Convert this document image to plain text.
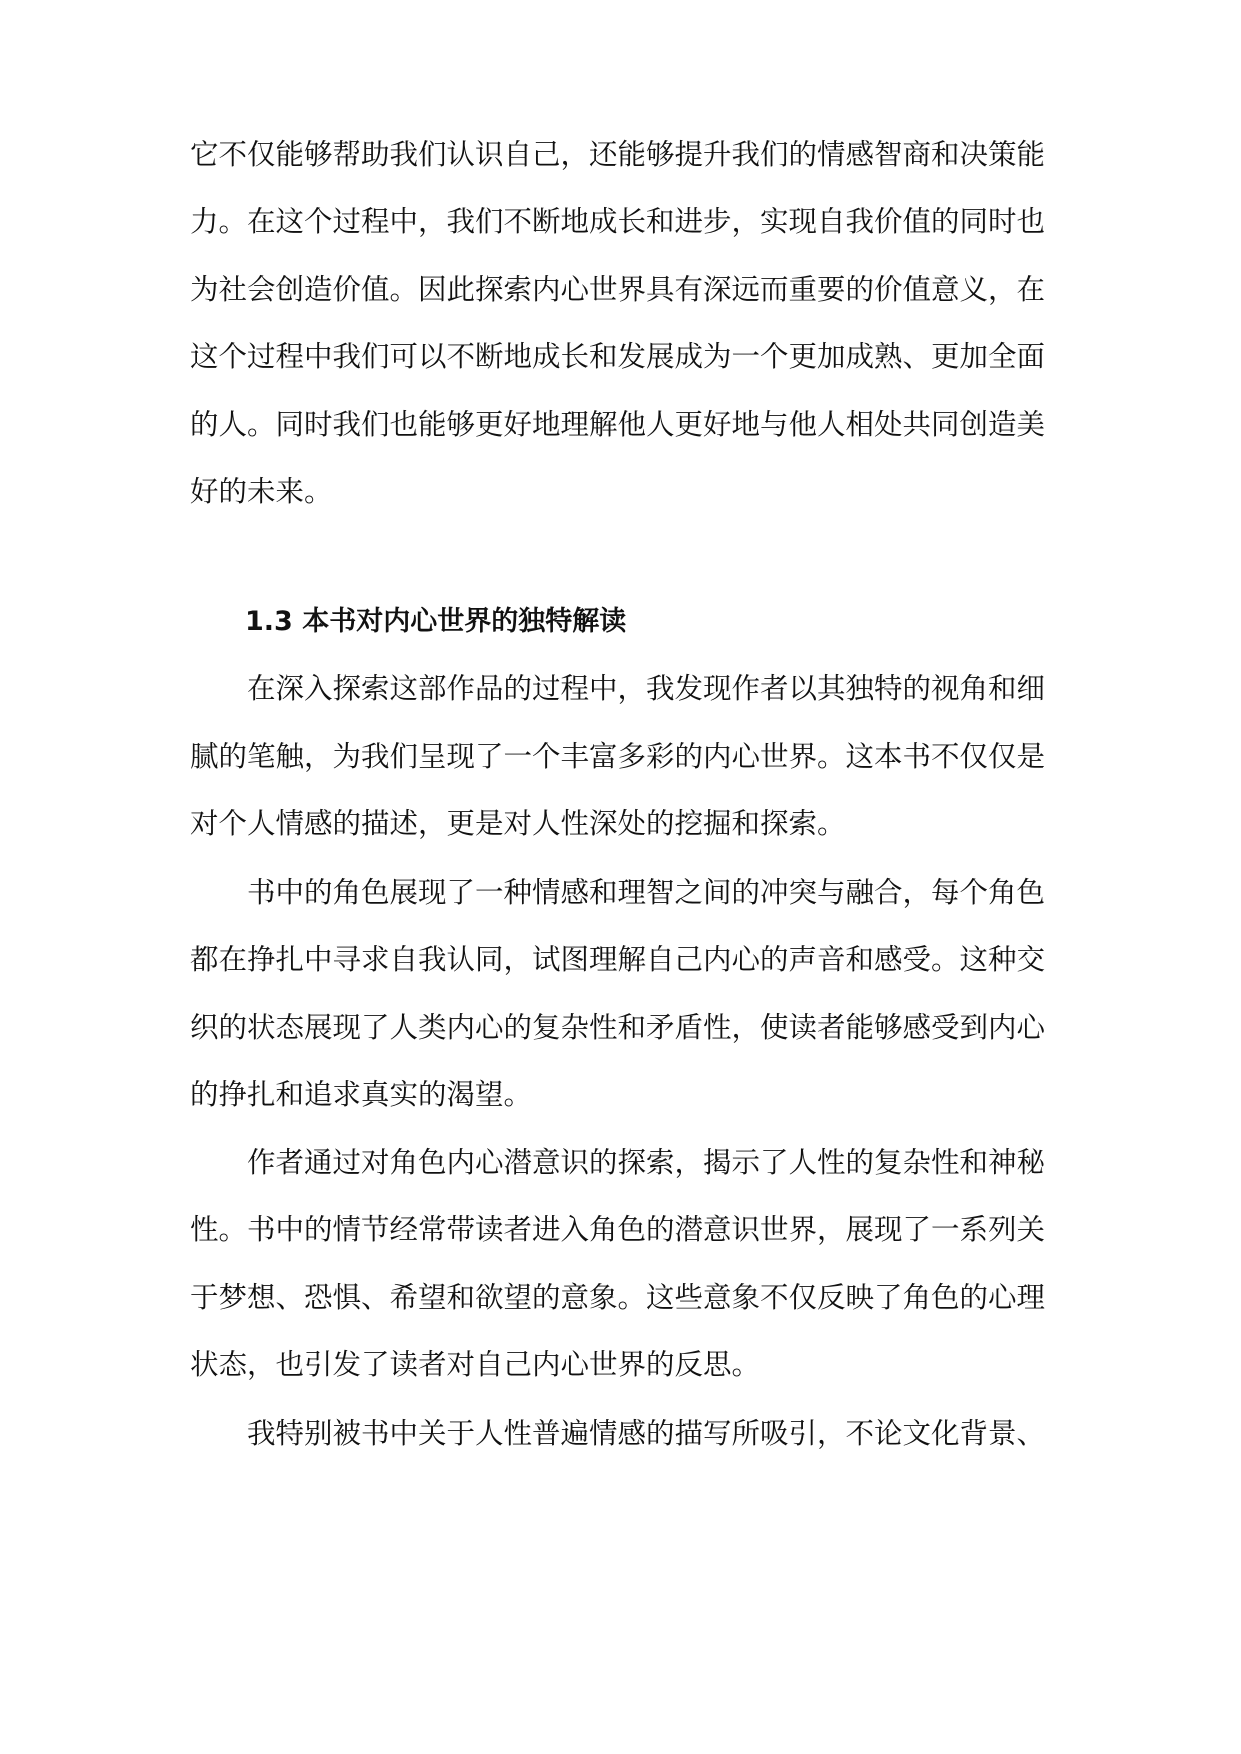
它不仅能够帮助我们认识自己，还能够提升我们的情感智商和决策能
力。在这个过程中，我们不断地成长和进步，实现自我价值的同时也
为社会创造价值。因此探索内心世界具有深远而重要的价值意义，在
这个过程中我们可以不断地成长和发展成为一个更加成熟、更加全面
的人。同时我们也能够更好地理解他人更好地与他人相处共同创造美
好的未来。
1.3 本书对内心世界的独特解读
在深入探索这部作品的过程中，我发现作者以其独特的视角和细
腻的笔触，为我们呈现了一个丰富多彩的内心世界。这本书不仅仅是
对个人情感的描述，更是对人性深处的挖掘和探索。
书中的角色展现了一种情感和理智之间的冲突与融合，每个角色
都在挣扎中寻求自我认同，试图理解自己内心的声音和感受。这种交
织的状态展现了人类内心的复杂性和矛盾性，使读者能够感受到内心
的挣扎和追求真实的渴望。
作者通过对角色内心潜意识的探索，揭示了人性的复杂性和神秘
性。书中的情节经常带读者进入角色的潜意识世界，展现了一系列关
于梦想、恐惧、希望和欲望的意象。这些意象不仅反映了角色的心理
状态，也引发了读者对自己内心世界的反思。
我特别被书中关于人性普遍情感的描写所吸引，不论文化背景、
